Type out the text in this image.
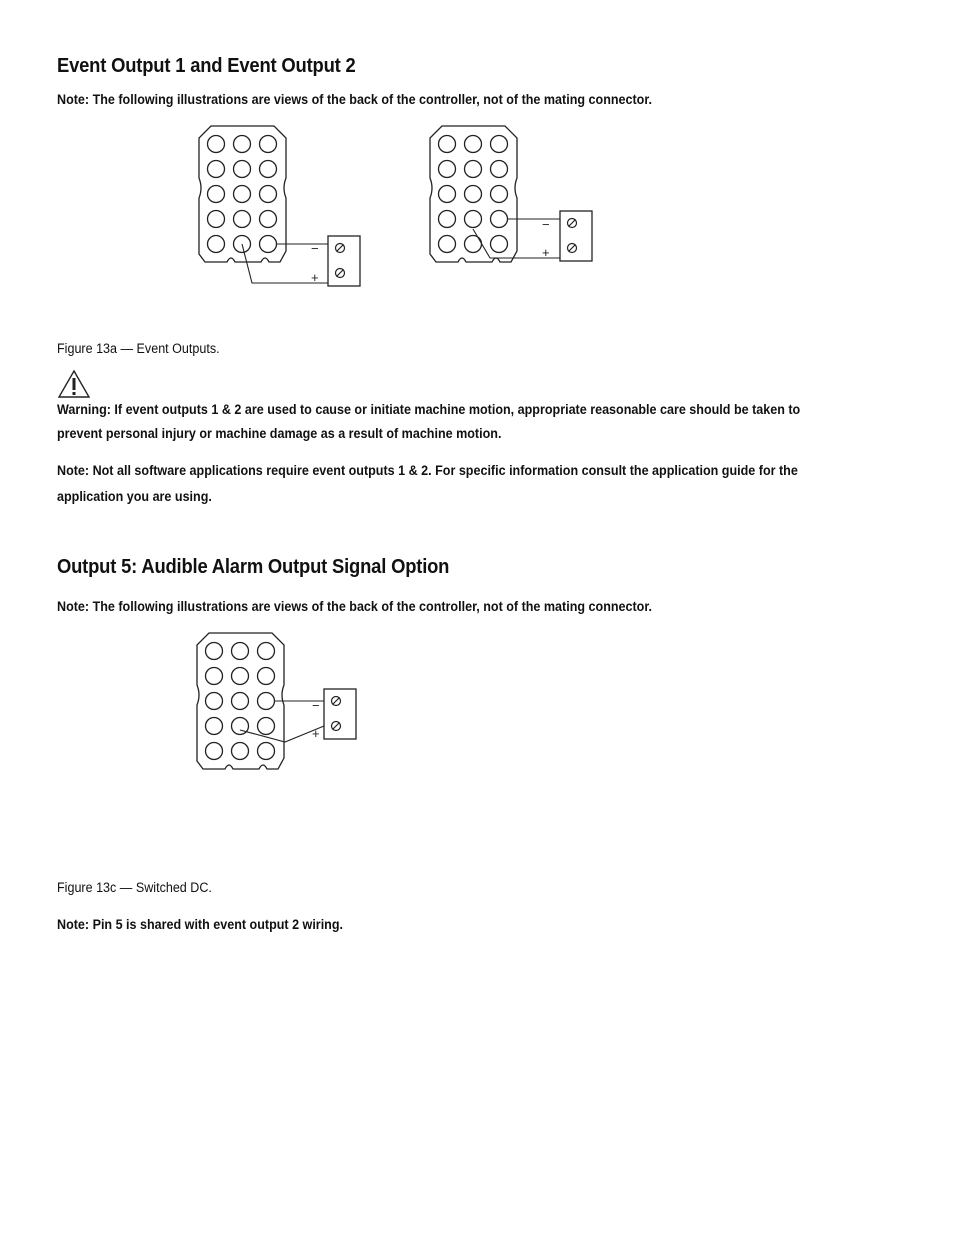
Event Output 1 and Event Output 2
Note: The following illustrations are views of the back of the controller, not of the mating connector.
−
+
−
+
Figure 13a — Event Outputs.
Warning: If event outputs 1 & 2 are used to cause or initiate machine motion, appropriate reasonable care should be taken to prevent personal injury or machine damage as a result of machine motion.
Note: Not all software applications require event outputs 1 & 2. For specific information consult the application guide for the application you are using.
Output 5: Audible Alarm Output Signal Option
Note: The following illustrations are views of the back of the controller, not of the mating connector.
−
+
Figure 13c — Switched DC.
Note: Pin 5 is shared with event output 2 wiring.
